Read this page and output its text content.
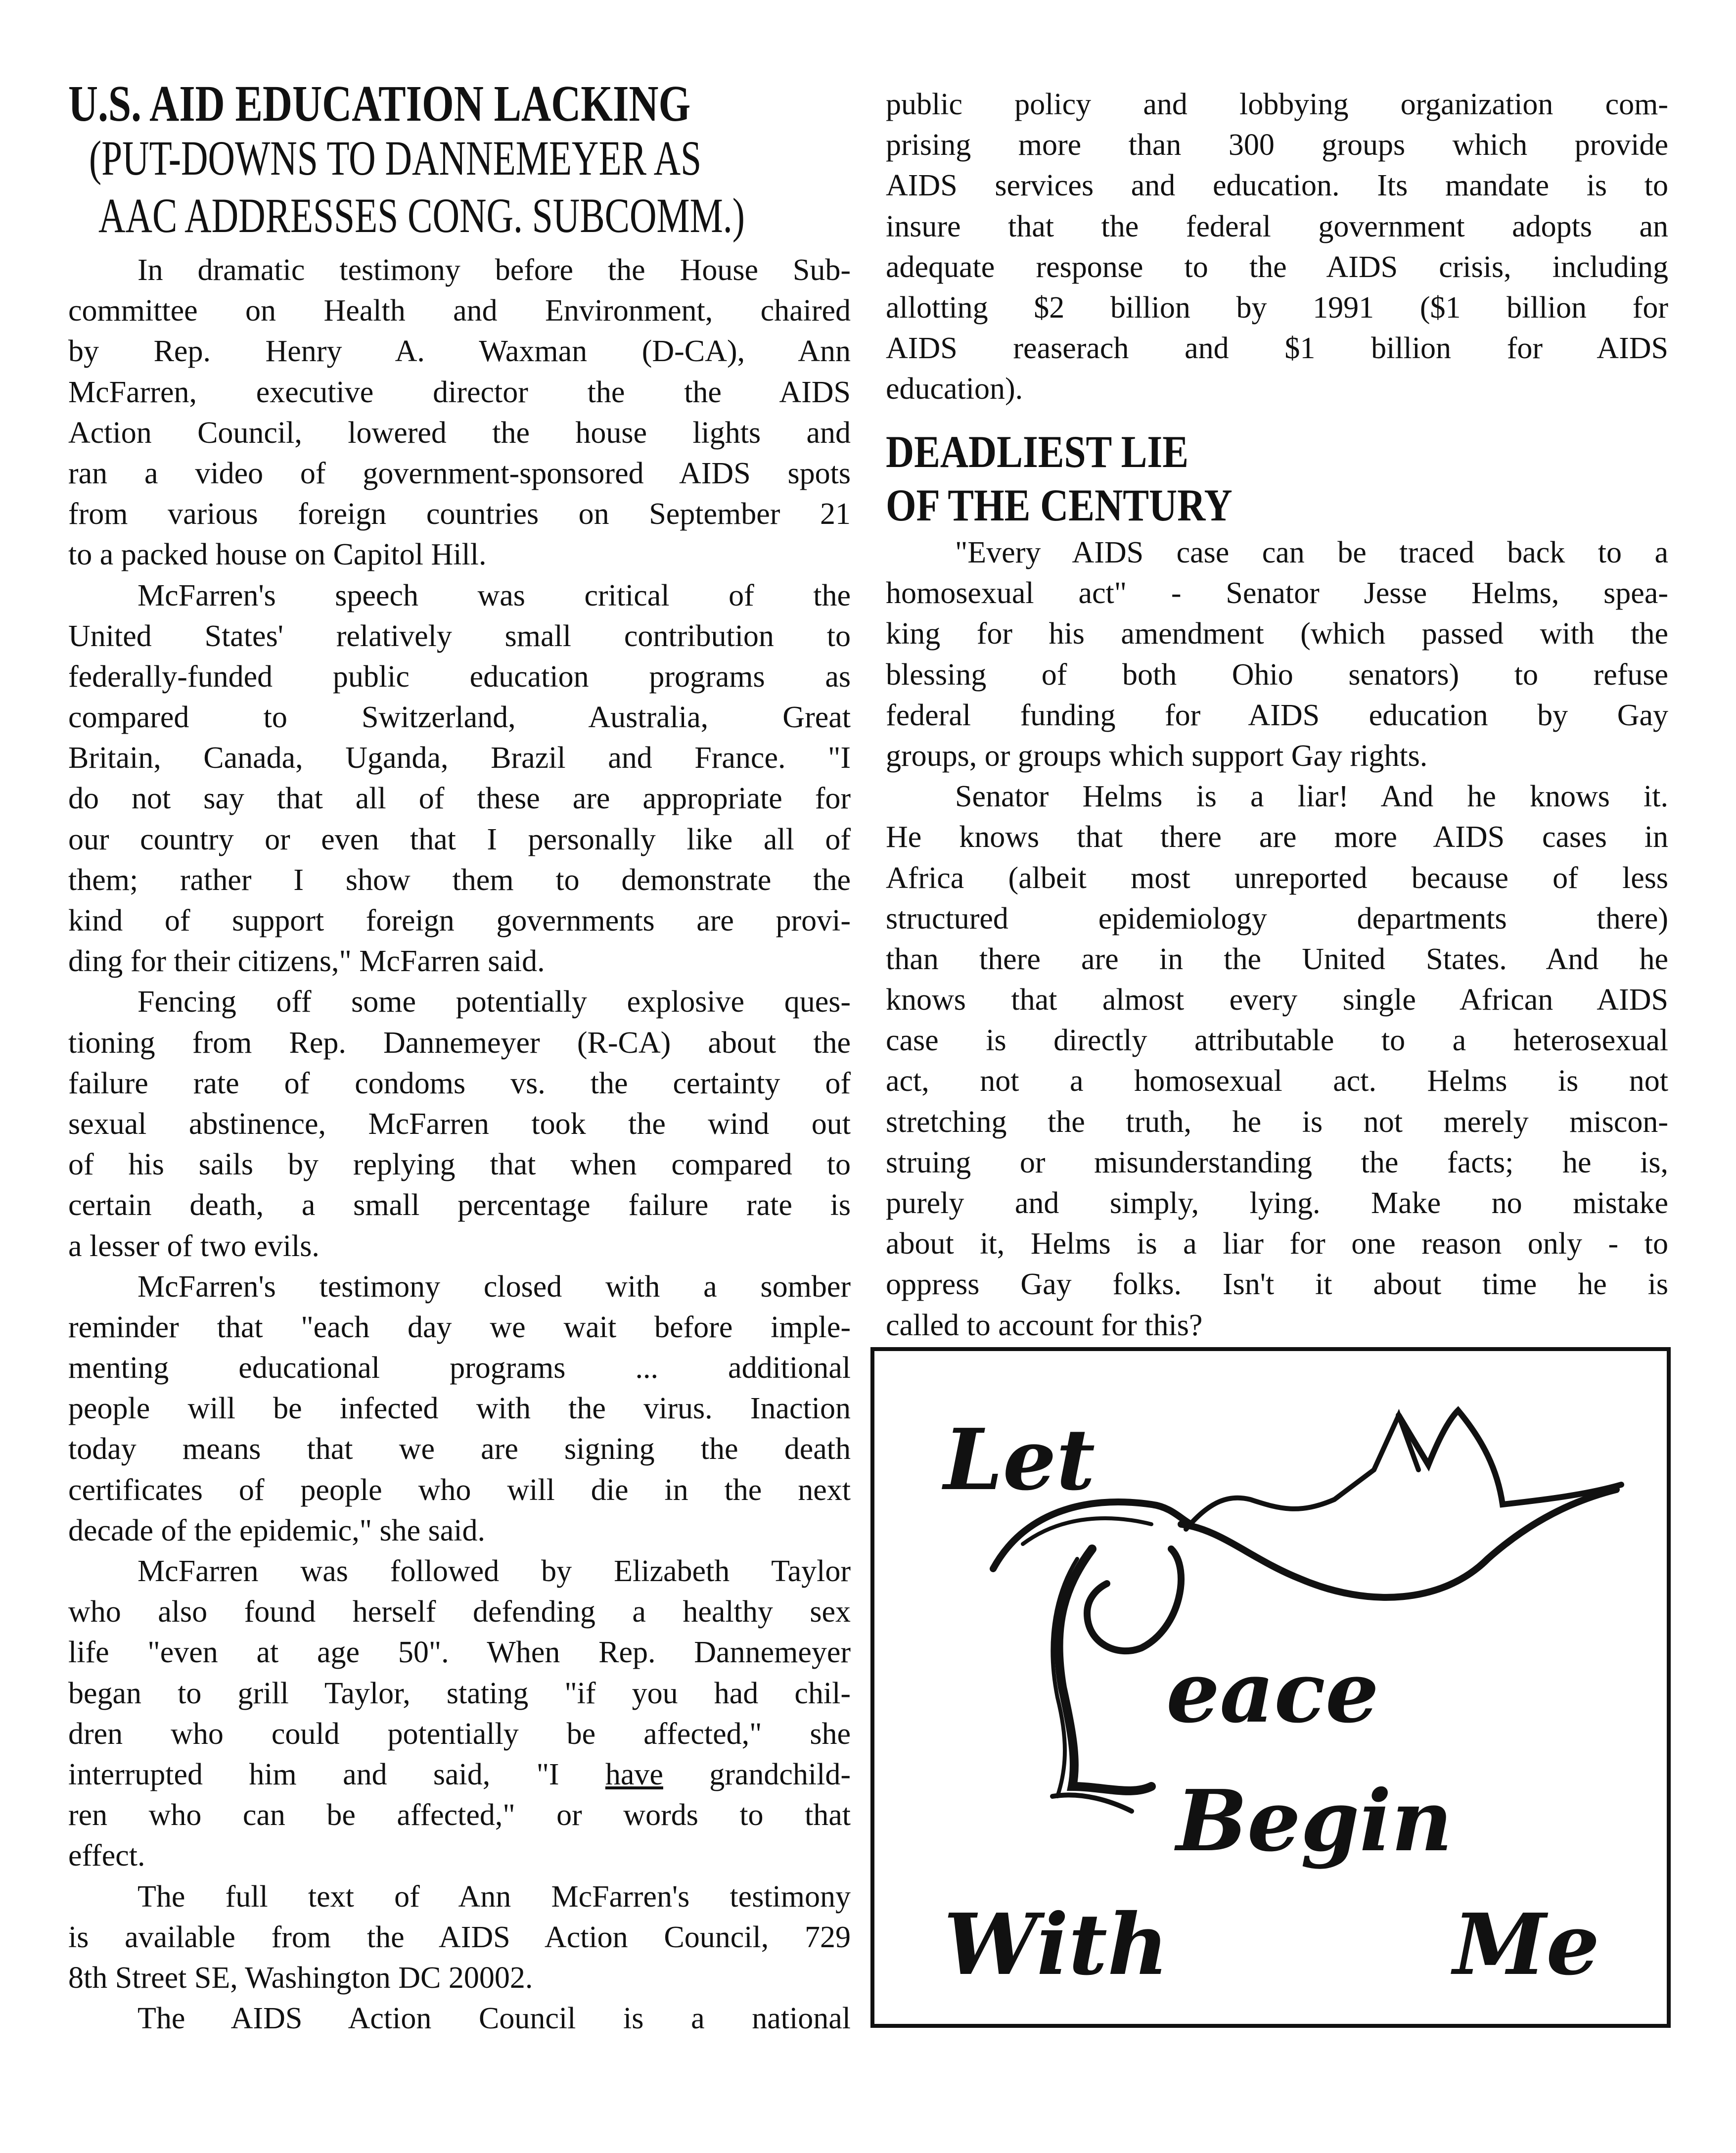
U.S. AID EDUCATION LACKING
(PUT-DOWNS TO DANNEMEYER AS
AAC ADDRESSES CONG. SUBCOMM.)
In dramatic testimony before the House Sub-
committee on Health and Environment, chaired
by Rep. Henry A. Waxman (D-CA), Ann
McFarren, executive director the the AIDS
Action Council, lowered the house lights and
ran a video of government-sponsored AIDS spots
from various foreign countries on September 21
to a packed house on Capitol Hill.
McFarren's speech was critical of the
United States' relatively small contribution to
federally-funded public education programs as
compared to Switzerland, Australia, Great
Britain, Canada, Uganda, Brazil and France. "I
do not say that all of these are appropriate for
our country or even that I personally like all of
them; rather I show them to demonstrate the
kind of support foreign governments are provi-
ding for their citizens," McFarren said.
Fencing off some potentially explosive ques-
tioning from Rep. Dannemeyer (R-CA) about the
failure rate of condoms vs. the certainty of
sexual abstinence, McFarren took the wind out
of his sails by replying that when compared to
certain death, a small percentage failure rate is
a lesser of two evils.
McFarren's testimony closed with a somber
reminder that "each day we wait before imple-
menting educational programs ... additional
people will be infected with the virus. Inaction
today means that we are signing the death
certificates of people who will die in the next
decade of the epidemic," she said.
McFarren was followed by Elizabeth Taylor
who also found herself defending a healthy sex
life "even at age 50". When Rep. Dannemeyer
began to grill Taylor, stating "if you had chil-
dren who could potentially be affected," she
interrupted him and said, "I have grandchild-
ren who can be affected," or words to that
effect.
The full text of Ann McFarren's testimony
is available from the AIDS Action Council, 729
8th Street SE, Washington DC 20002.
The AIDS Action Council is a national
public policy and lobbying organization com-
prising more than 300 groups which provide
AIDS services and education. Its mandate is to
insure that the federal government adopts an
adequate response to the AIDS crisis, including
allotting $2 billion by 1991 ($1 billion for
AIDS reaserach and $1 billion for AIDS
education).
DEADLIEST LIE
OF THE CENTURY
"Every AIDS case can be traced back to a
homosexual act" - Senator Jesse Helms, spea-
king for his amendment (which passed with the
blessing of both Ohio senators) to refuse
federal funding for AIDS education by Gay
groups, or groups which support Gay rights.
Senator Helms is a liar! And he knows it.
He knows that there are more AIDS cases in
Africa (albeit most unreported because of less
structured epidemiology departments there)
than there are in the United States. And he
knows that almost every single African AIDS
case is directly attributable to a heterosexual
act, not a homosexual act. Helms is not
stretching the truth, he is not merely miscon-
struing or misunderstanding the facts; he is,
purely and simply, lying. Make no mistake
about it, Helms is a liar for one reason only - to
oppress Gay folks. Isn't it about time he is
called to account for this?
Let
eace
Begin
With	Me
